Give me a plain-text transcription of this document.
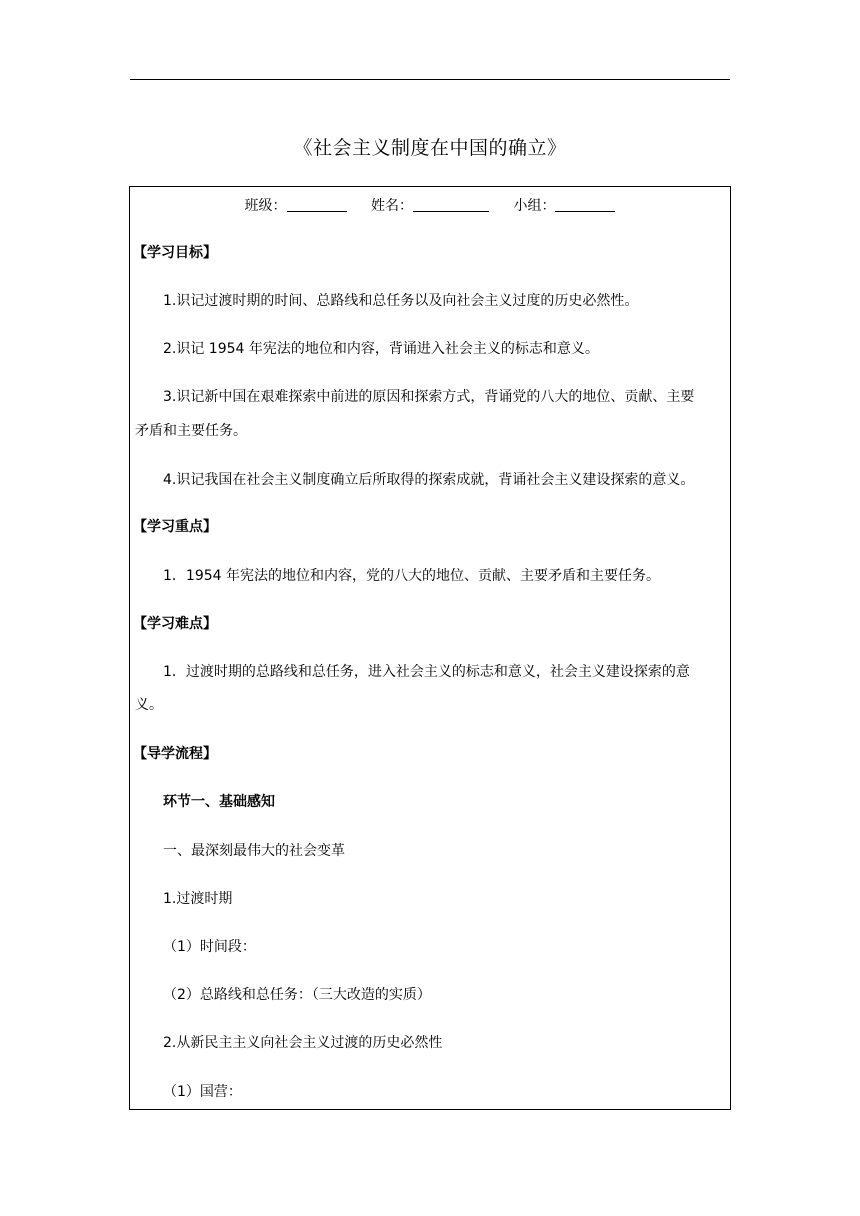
《社会主义制度在中国的确立》
班级：	姓名：	小组：
【学习目标】
1.识记过渡时期的时间、总路线和总任务以及向社会主义过度的历史必然性。
2.识记 1954 年宪法的地位和内容，背诵进入社会主义的标志和意义。
3.识记新中国在艰难探索中前进的原因和探索方式，背诵党的八大的地位、贡献、主要
矛盾和主要任务。
4.识记我国在社会主义制度确立后所取得的探索成就，背诵社会主义建设探索的意义。
【学习重点】
1．1954 年宪法的地位和内容，党的八大的地位、贡献、主要矛盾和主要任务。
【学习难点】
1．过渡时期的总路线和总任务，进入社会主义的标志和意义，社会主义建设探索的意
义。
【导学流程】
环节一、基础感知
一、最深刻最伟大的社会变革
1.过渡时期
（1）时间段：
（2）总路线和总任务：（三大改造的实质）
2.从新民主主义向社会主义过渡的历史必然性
（1）国营：
